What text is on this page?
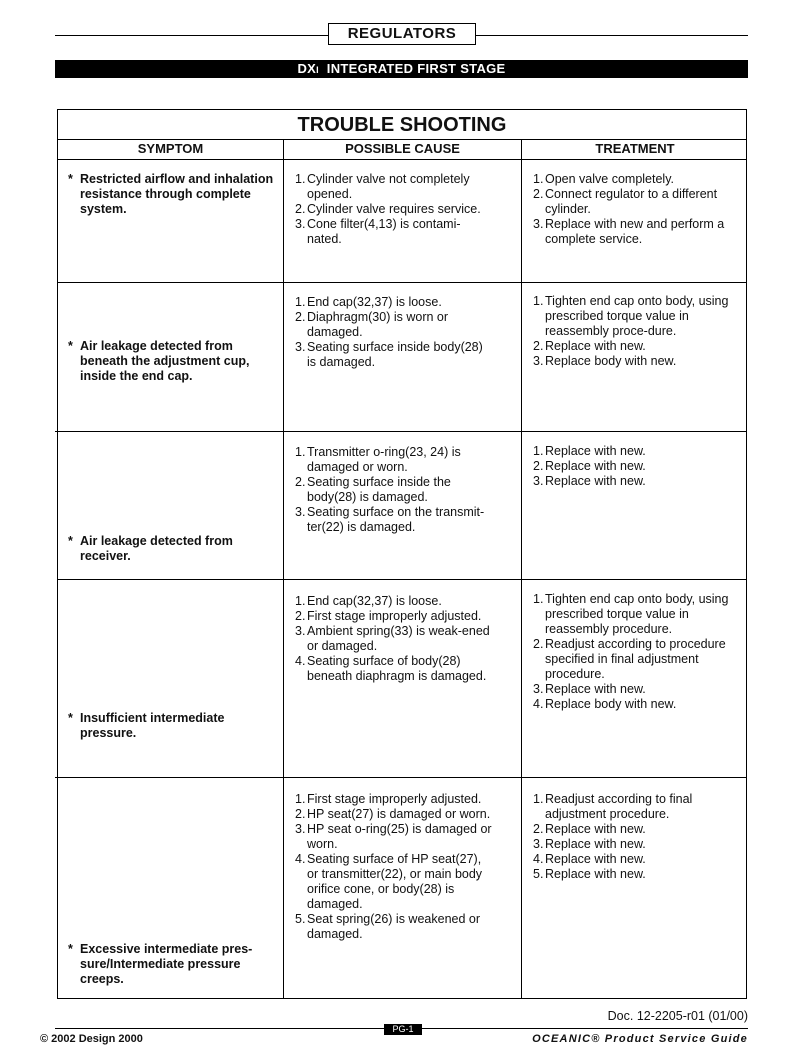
REGULATORS
DXI INTEGRATED FIRST STAGE
TROUBLE SHOOTING
SYMPTOM	POSSIBLE CAUSE	TREATMENT
* Restricted airflow and inhalation resistance through complete system.
1. Cylinder valve not completely opened.
2. Cylinder valve requires service.
3. Cone filter(4,13) is contami-nated.
1. Open valve completely.
2. Connect regulator to a different cylinder.
3. Replace with new and perform a complete service.
* Air leakage detected from beneath the adjustment cup, inside the end cap.
1. End cap(32,37) is loose.
2. Diaphragm(30) is worn or damaged.
3. Seating surface inside body(28) is damaged.
1. Tighten end cap onto body, using prescribed torque value in reassembly proce-dure.
2. Replace with new.
3. Replace body with new.
* Air leakage detected from receiver.
1. Transmitter o-ring(23, 24) is damaged or worn.
2. Seating surface inside the body(28) is damaged.
3. Seating surface on the transmit-ter(22) is damaged.
1. Replace with new.
2. Replace with new.
3. Replace with new.
* Insufficient intermediate pressure.
1. End cap(32,37) is loose.
2. First stage improperly adjusted.
3. Ambient spring(33) is weak-ened or damaged.
4. Seating surface of body(28) beneath diaphragm is damaged.
1. Tighten end cap onto body, using prescribed torque value in reassembly procedure.
2. Readjust according to procedure specified in final adjustment procedure.
3. Replace with new.
4. Replace body with new.
* Excessive intermediate pres-sure/Intermediate pressure creeps.
1. First stage improperly adjusted.
2. HP seat(27) is damaged or worn.
3. HP seat o-ring(25) is damaged or worn.
4. Seating surface of HP seat(27), or transmitter(22), or main body orifice cone, or body(28) is damaged.
5. Seat spring(26) is weakened or damaged.
1. Readjust according to final adjustment procedure.
2. Replace with new.
3. Replace with new.
4. Replace with new.
5. Replace with new.
Doc. 12-2205-r01 (01/00)
© 2002 Design 2000
PG-1
OCEANIC® Product Service Guide
